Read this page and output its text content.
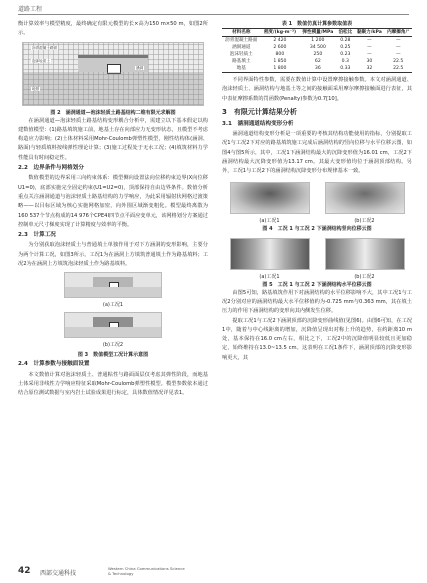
道路工程

衡计算效率与模型精度，最终确定有限元模型的长×高为150 m×50 m，如图2所示。

沥青混凝土路面
泡沫轻质土
地基
涵洞
图 2　涵洞通道—泡沫轻质土路基结构二维有限元求解图

在涵洞通道—泡沫轻质土路基结构变形耦合分析中，需建立以下基本假定以构建数值模型：(1)路基填筑施工前，地基土存在向部应力无变形状态，且模型不考虑构造应力影响；(2)土体材料采用Mohr-Coulomb弹塑性模型，刚性结构体(涵洞、路面)与轻质填料按线弹性理论计算；(3)施工过程处于无水工况；(4)填筑材料力学性能具有时间稳定性。

2.2　边界条件与网格划分

数值模型的边界采用三向约束体系：模型侧向设置法向位移约束边界(X向位移 U1=0)，底部实施完全固定约束(U1=U2=0)，顶部保持自由边界条件。数值分析重点关注涵洞通道与泡沫轻质土路基结构的力学响应，为此采用辐射状网格过渡策略——以目标区域为核心实施网格加密，向外围区域渐变粗化。模型最终离散为160 537个节点构成的14 976个CPE4I四节点平面应变单元，该网格划分方案通过控制单元尺寸梯度实现了计算精度与效率的平衡。

2.3　计算工况

为分别获取泡沫轻质土与普通填土单独作用于对下方涵洞的变形影响，主要分为两个计算工况，如图3所示。工况1为在涵洞上方填筑普通填土作为路基填料；工况2为在涵洞上方填筑泡沫轻质土作为路基填料。

(a)工况1
(b)工况2
图 3　数值模型工况计算示意图
2.4　计算参数与接触面设置

本文数值计算对泡沫轻质土、普通粘性与路面面层仅考虑其弹性阶段，而地基土体采用非线性力学响应特征采取Mohr-Coulomb弹塑性模型。模型参数依本通过结合原位测试数据与室内岩土试验成果进行标定，具体数值情况详见表1。

表 1　数值仿真计算参数取值表
材料名称	密度/(kg·m⁻³)	弹性模量/MPa	泊松比	黏聚力/kPa	内摩擦角/°
沥青混凝土路面	2 420	1 200	0.28	—	—
涵洞通道	2 600	34 500	0.25	—	—
泡沫轻质土	800	250	0.23	—	—
路基填土	1 850	62	0.3	30	22.5
地基	1 800	36	0.33	32	22.5

不同界面特性参数，需要在数值计算中设置摩擦接触参数。本文对涵洞通道、泡沫轻质土、涵洞结构与地基土等之间的接触面采用摩尔摩擦接触面进行表征，其中表征摩擦系数的罚函数(Penalty)参数为0.7[10]。

3　有限元计算结果分析
3.1　涵洞通道结构变形分析

涵洞通道结构变形分析是一项重要的考核其结构功能使用的指标，分别提取工况1与工况2下对应的路基填筑施工完成后涵洞结构的竖向位移与水平位移云图，如图4与图5所示，其中，工况1下涵洞结构最大的沉降变形值为16.01 cm，工况2下涵洞结构最大沉降变形值为13.17 cm。其最大变形值均位于涵洞顶部结构。另外，工况1与工况2下的涵洞结构沉降变形分布规律基本一致。

(a)工况1	(b)工况2
图 4　工况 1 与工况 2 下涵洞结构竖向位移云图
(a)工况1	(b)工况2
图 5　工况 1 与工况 2 下涵洞结构水平位移云图

由图5可知，路基填筑作用下对涵洞结构的水平位移影响不大，其中工况1与工况2分别对应的涵洞结构最大水平位移值约为-0.725 mm与0.363 mm，其在填土压力的作用下涵洞结构的变形向其内侧发生位移。

提取工况1与工况2下涵洞顶部的沉降变形曲线值(见图6)。由图6可知，在工况1中，随着与中心线距离的增加，沉降值呈现出对称上升的趋势，在约距离10 m处，基本保持在16.0 cm左右，相比之下，工况2中的沉降值明显较低且更加稳定，始终维持在13.0~13.5 cm。这表明在工况1条件下，涵洞顶部的沉降变形影响更大，其

42 西部交通科技
Western China Communications Science & Technology
